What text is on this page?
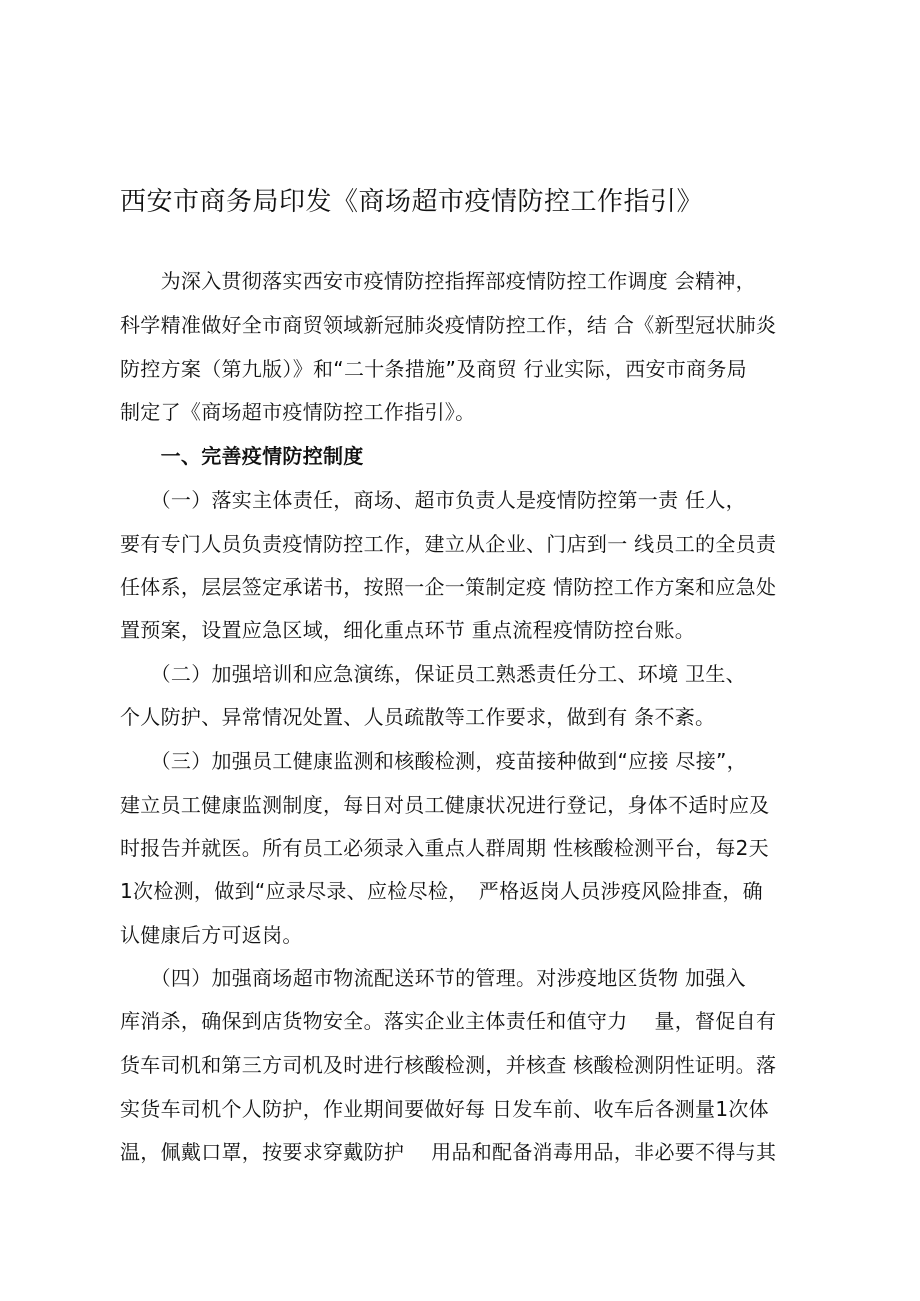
西安市商务局印发《商场超市疫情防控工作指引》

　　为深入贯彻落实西安市疫情防控指挥部疫情防控工作调度 会精神，

科学精准做好全市商贸领域新冠肺炎疫情防控工作，结 合《新型冠状肺炎

防控方案（第九版）》和“二十条措施”及商贸 行业实际，西安市商务局

制定了《商场超市疫情防控工作指引》。

　　一、完善疫情防控制度

　　（一）落实主体责任，商场、超市负责人是疫情防控第一责 任人，

要有专门人员负责疫情防控工作，建立从企业、门店到一 线员工的全员责

任体系，层层签定承诺书，按照一企一策制定疫 情防控工作方案和应急处

置预案，设置应急区域，细化重点环节 重点流程疫情防控台账。

　　（二）加强培训和应急演练，保证员工熟悉责任分工、环境 卫生、

个人防护、异常情况处置、人员疏散等工作要求，做到有 条不紊。

　　（三）加强员工健康监测和核酸检测，疫苗接种做到“应接 尽接”，

建立员工健康监测制度，每日对员工健康状况进行登记，身体不适时应及

时报告并就医。所有员工必须录入重点人群周期 性核酸检测平台，每2天

1次检测，做到“应录尽录、应检尽检，　严格返岗人员涉疫风险排查，确

认健康后方可返岗。

　　（四）加强商场超市物流配送环节的管理。对涉疫地区货物 加强入

库消杀，确保到店货物安全。落实企业主体责任和值守力　 量，督促自有

货车司机和第三方司机及时进行核酸检测，并核查 核酸检测阴性证明。落

实货车司机个人防护，作业期间要做好每 日发车前、收车后各测量1次体

温，佩戴口罩，按要求穿戴防护　 用品和配备消毒用品，非必要不得与其
